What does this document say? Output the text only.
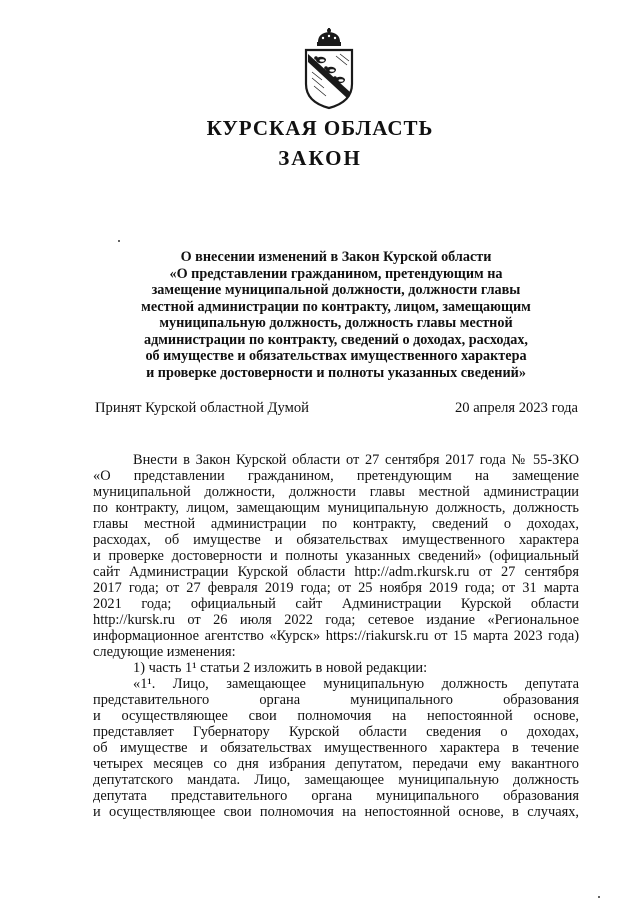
КУРСКАЯ ОБЛАСТЬ
ЗАКОН
О внесении изменений в Закон Курской области
«О представлении гражданином, претендующим на
замещение муниципальной должности, должности главы
местной администрации по контракту, лицом, замещающим
муниципальную должность, должность главы местной
администрации по контракту, сведений о доходах, расходах,
об имуществе и обязательствах имущественного характера
и проверке достоверности и полноты указанных сведений»
Принят Курской областной Думой	20 апреля 2023 года
Внести в Закон Курской области от 27 сентября 2017 года № 55-ЗКО
«О представлении гражданином, претендующим на замещение
муниципальной должности, должности главы местной администрации
по контракту, лицом, замещающим муниципальную должность, должность
главы местной администрации по контракту, сведений о доходах,
расходах, об имуществе и обязательствах имущественного характера
и проверке достоверности и полноты указанных сведений» (официальный
сайт Администрации Курской области http://adm.rkursk.ru от 27 сентября
2017 года; от 27 февраля 2019 года; от 25 ноября 2019 года; от 31 марта
2021 года; официальный сайт Администрации Курской области
http://kursk.ru от 26 июля 2022 года; сетевое издание «Региональное
информационное агентство «Курск» https://riakursk.ru от 15 марта 2023 года)
следующие изменения:
1) часть 1¹ статьи 2 изложить в новой редакции:
«1¹. Лицо, замещающее муниципальную должность депутата
представительного органа муниципального образования
и осуществляющее свои полномочия на непостоянной основе,
представляет Губернатору Курской области сведения о доходах,
об имуществе и обязательствах имущественного характера в течение
четырех месяцев со дня избрания депутатом, передачи ему вакантного
депутатского мандата. Лицо, замещающее муниципальную должность
депутата представительного органа муниципального образования
и осуществляющее свои полномочия на непостоянной основе, в случаях,
